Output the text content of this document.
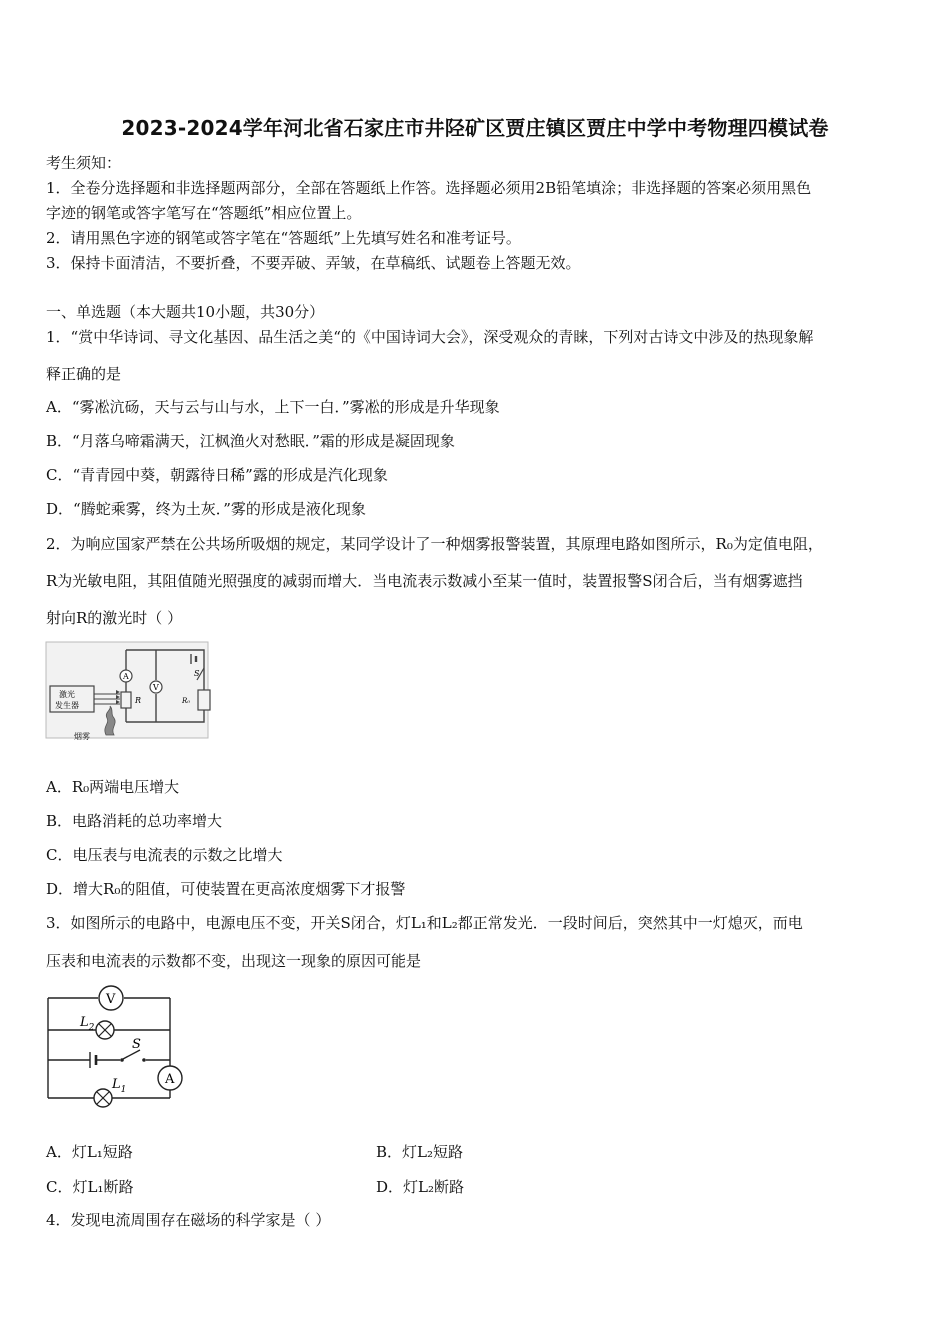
2023-2024学年河北省石家庄市井陉矿区贾庄镇区贾庄中学中考物理四模试卷
考生须知：
1．全卷分选择题和非选择题两部分，全部在答题纸上作答。选择题必须用2B铅笔填涂；非选择题的答案必须用黑色
字迹的钢笔或答字笔写在“答题纸”相应位置上。
2．请用黑色字迹的钢笔或答字笔在“答题纸”上先填写姓名和准考证号。
3．保持卡面清洁，不要折叠，不要弄破、弄皱，在草稿纸、试题卷上答题无效。
一、单选题（本大题共10小题，共30分）
1．“赏中华诗词、寻文化基因、品生活之美“的《中国诗词大会》，深受观众的青睐，下列对古诗文中涉及的热现象解
释正确的是
A．“雾凇沆砀，天与云与山与水，上下一白．”雾凇的形成是升华现象
B．“月落乌啼霜满天，江枫渔火对愁眠．”霜的形成是凝固现象
C．“青青园中葵，朝露待日稀”露的形成是汽化现象
D．“腾蛇乘雾，终为土灰．”雾的形成是液化现象
2．为响应国家严禁在公共场所吸烟的规定，某同学设计了一种烟雾报警装置，其原理电路如图所示，R₀为定值电阻，
R为光敏电阻，其阻值随光照强度的减弱而增大．当电流表示数减小至某一值时，装置报警S闭合后，当有烟雾遮挡
射向R的激光时（ ）
A
V
R	R₀
S
激光
发生器
烟雾
A．R₀两端电压增大
B．电路消耗的总功率增大
C．电压表与电流表的示数之比增大
D．增大R₀的阻值，可使装置在更高浓度烟雾下才报警
3．如图所示的电路中，电源电压不变，开关S闭合，灯L₁和L₂都正常发光．一段时间后，突然其中一灯熄灭，而电
压表和电流表的示数都不变，出现这一现象的原因可能是
V
A
$L_2$
$L_1$
S
A．灯L₁短路	B．灯L₂短路
C．灯L₁断路	D．灯L₂断路
4．发现电流周围存在磁场的科学家是（ ）
